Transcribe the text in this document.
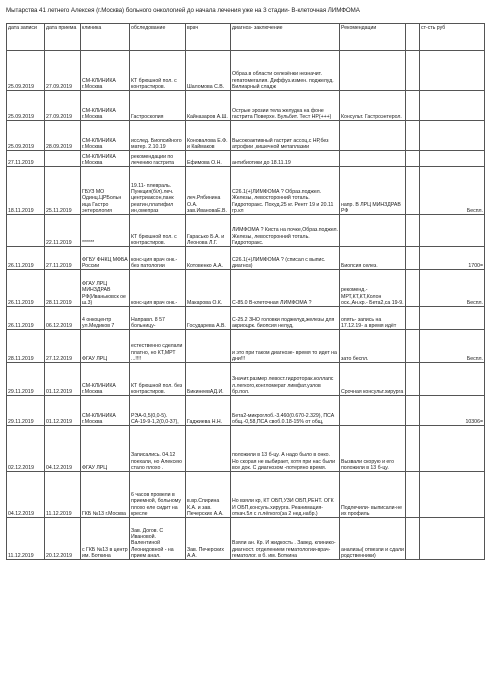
Мытарства 41 летнего Алексея (г.Москва) больного онкологией до начала лечения уже на 3 стадии- В-клеточная ЛИМФОМА
дата записи	дата приема	клиника	обследование	врач	диагноз- заключение	Рекомендации		ст-сть руб
25.09.2019	27.09.2019	СМ-КЛИНИКА г.Москва	КТ брюшной пол. с контрастиров.	Шаломова С.В.	Образ.в области селезёнки незначит. гепатомегалия. Диффуз.измен. поджелуд. Билиарный сладж			
25.09.2019	27.09.2019	СМ-КЛИНИКА г.Москва	Гастроскопия	Кайназаров А.Ш.	Острые эрозии тела желудка на фоне гастрита Поверхн. Бульбит. Тест НР(+++)	Консульт. Гастроэнтерол.		
25.09.2019	28.09.2019	СМ-КЛИНИКА г.Москва	исслед. Биопсийного матер. 2.10.19	Коновалова Е.Ф. и Каймаков	Высокоактивный гастрит ассоц.с НР,без атрофии ,кишечной метаплазии			
27.11.2019		СМ-КЛИНИКА г.Москва	рекомендации по лечению гастрита	Ефимова О.Н.	антибиотики до 18.11.19			
18.11.2019	25.11.2019	ГБУЗ МО Одинц.ЦРБольн ица Гастро энтерология	19.11- плевраль. Пункция(б/л).леч. центриаксон,панк реатин,платифил ин,омепраз	леч.Рябинина О.А. зав.ИвановаЕ.В.	С26.1(+)ЛИМФОМА ? Образ.поджел. Железы, левосторонний тоталь. Гидроторакс. Похуд.25 кг. Рентг 19 и 20.11 гр.кл	напр. В ЛРЦ МИНЗДРАВ РФ		Беспл.
	22.11.2019	******	КТ брюшной пол. с контрастиров.	Гарасько Б.А. и Леонова Л.Г.	ЛИМФОМА ? Киста на почке,Образ.поджел. Железы, левосторонний тоталь. Гидроторакс.			
26.11.2019	27.11.2019	ФГБУ ФНКЦ МФБА России	конс-ция врач онк.- без патологии	Котовенко А.А.	С26.1(+)ЛИМФОМА ? (списал с выпис. диагноз)	Биопсия селез.		1700=
26.11.2019	28.11.2019	ФГАУ ЛРЦ МИНЗДРАВ РФ(Иваньковск ое ш.3)	конс-ция врач онк.-	Макарова О.К.	С-85.0 В-клеточная ЛИМФОМА ?	рекоменд.- МРТ,КТ,КТ,Колон оск.,Ан.кр.- Бета2,са 19-9.		Беспл.
26.11.2019	06.12.2019	4 онкоцентр ул.Медиков 7	Направл. 8 57 больницу-	Государева А.В.	С-25.2 ЗНО головки поджелуд,железы для акриоцрк. биопсия нелуд,	опять- запись на 17.12.19- а время идёт		
28.11.2019	27.12.2019	ФГАУ ЛРЦ	естественно сделали платно, но КТ,МРТ ...!!!!		и это при таком диагнозе- время то идет на дни!!!	зато беспл.		Беспл.
29.11.2019	01.12.2019	СМ-КЛИНИКА г.Москва	КТ брюшной пол. без контрастиров.	БикинеевАД.И.	Значит.размер левост.гидроторак.коллапс л.легкого,конгломерат лимфат.узлов бр.пол.	Срочная консульт.хирурга		
29.11.2019	01.12.2019	СМ-КЛИНИКА г.Москва	РЭА-0,5(0,0-5). СА-19-9-1,2(0,0-37),	Гаджиева Н.Н.	Бета2-микроглоб.-3.460(0.670-2.329), ПСА общ.-0,58,ПСА своб.0.18-15% от общ,			10306=
02.12.2019	04.12.2019	ФГАУ ЛРЦ	Записались. 04.12 поехали, но Алексею стало плохо .		положили в 13 б-цу. А надо было в онко. Но скорая не выбирает, хотя при нас были все док. С диагнозом -потеряно время.	Вызвали скорую и его положили в 13 б-цу.		
04.12.2019	11.12.2019	ГКБ №13 г.Москва	6 часов провели в приемной, больному плохо еле сидит на кресле	в.вр.Спирина К.А. и зав. Печерских А.А.	Но взяли кр, КТ ОБП,УЗИ ОБП,РЕНТ. ОГК И ОБП,консуль.хирурга. Реанимация-откач.5л с л.лёгкого(за 2 нед.набр.)	Подлечили- выписали-не их профиль		
11.12.2019	20.12.2019	с ГКБ №13 в центр им. Боткина	Зав. Догов. С Ивановой. Валентиной Леонидовной - на прием анал.	Зав. Печерских А.А.	Взяли ан. Кр. И жидкость . Завед. клинико-диагност. отделением гематологии-врач-гематолог. в б. им. Боткина	анализы( отвезли и сдали родственники)		
